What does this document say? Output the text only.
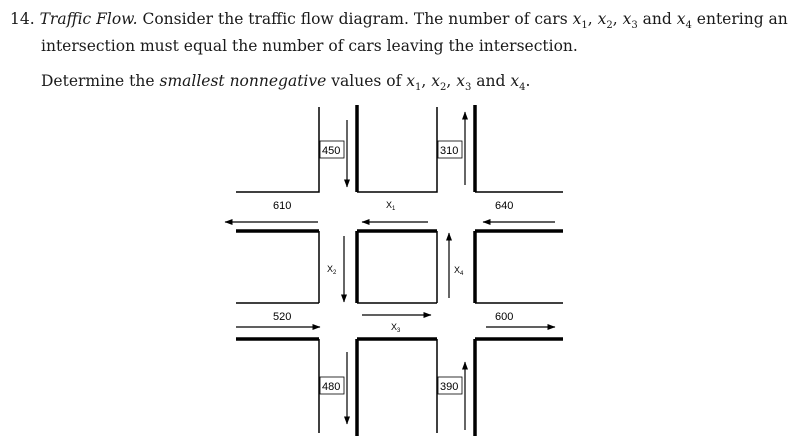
14. Traffic Flow. Consider the traffic flow diagram. The number of cars $x_1$, $x_2$, $x_3$ and $x_4$ entering an
intersection must equal the number of cars leaving the intersection.
Determine the smallest nonnegative values of $x_1$, $x_2$, $x_3$ and $x_4$.
450	310
610	640
520	600
480	390
$X_1$
$X_2$
$X_3$
$X_4$
